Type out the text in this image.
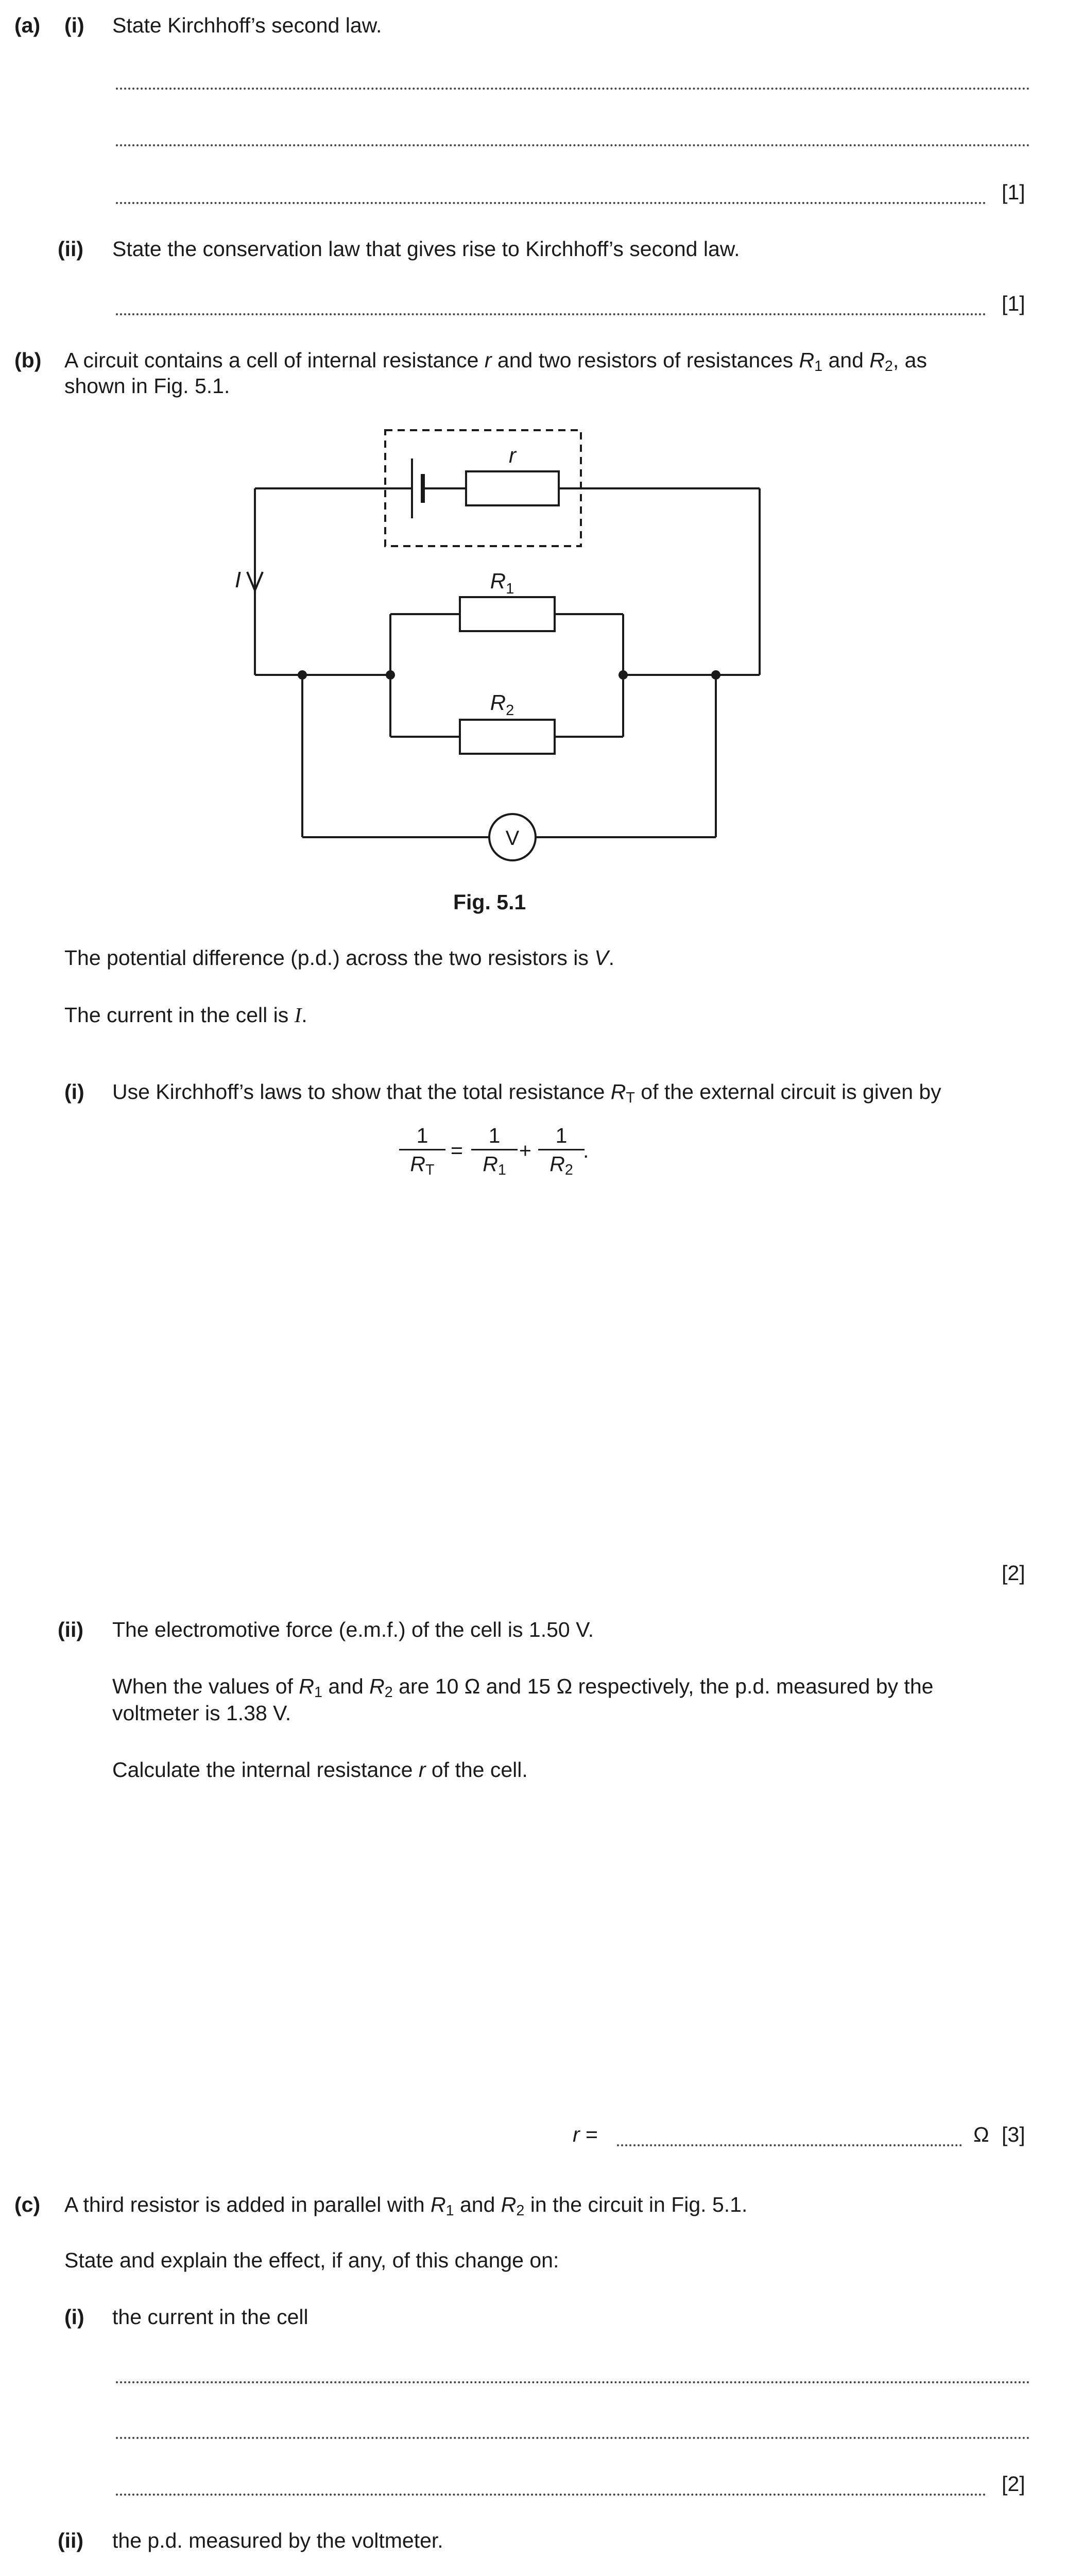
(a) (i) State Kirchhoff’s second law.
[1]
(ii) State the conservation law that gives rise to Kirchhoff’s second law.
[1]
(b) A circuit contains a cell of internal resistance r and two resistors of resistances $R_1$ and $R_2$, as
shown in Fig. 5.1.
r
$R_1$
$R_2$
I
V
Fig. 5.1
The potential difference (p.d.) across the two resistors is V.
The current in the cell is I.
(i) Use Kirchhoff’s laws to show that the total resistance $R_T$ of the external circuit is given by
1
$R_T$
=
1
$R_1$
+
1
$R_2$
.
[2]
(ii) The electromotive force (e.m.f.) of the cell is 1.50 V.
When the values of $R_1$ and $R_2$ are 10 Ω and 15 Ω respectively, the p.d. measured by the
voltmeter is 1.38 V.
Calculate the internal resistance r of the cell.
r =	Ω [3]
(c) A third resistor is added in parallel with $R_1$ and $R_2$ in the circuit in Fig. 5.1.
State and explain the effect, if any, of this change on:
(i) the current in the cell
[2]
(ii) the p.d. measured by the voltmeter.
